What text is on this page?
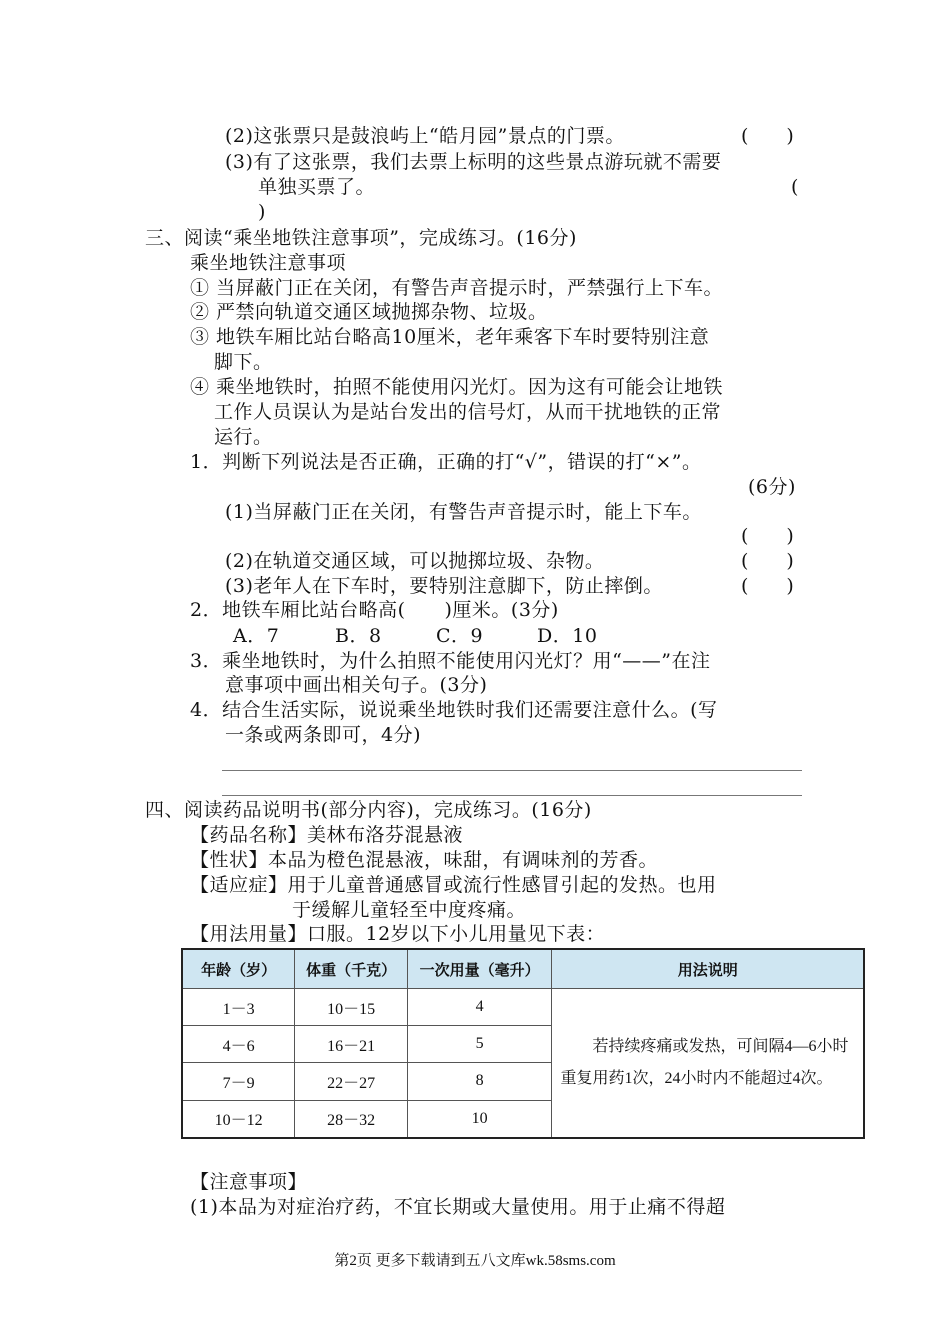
(2)这张票只是鼓浪屿上“皓月园”景点的门票。	(　　)
(3)有了这张票，我们去票上标明的这些景点游玩就不需要
单独买票了。	(
)
三、阅读“乘坐地铁注意事项”，完成练习。(16分)
乘坐地铁注意事项
① 当屏蔽门正在关闭，有警告声音提示时，严禁强行上下车。
② 严禁向轨道交通区域抛掷杂物、垃圾。
③ 地铁车厢比站台略高10厘米，老年乘客下车时要特别注意
脚下。
④ 乘坐地铁时，拍照不能使用闪光灯。因为这有可能会让地铁
工作人员误认为是站台发出的信号灯，从而干扰地铁的正常
运行。
1．判断下列说法是否正确，正确的打“√”，错误的打“×”。
(6分)
(1)当屏蔽门正在关闭，有警告声音提示时，能上下车。
(　　)
(2)在轨道交通区域，可以抛掷垃圾、杂物。	(　　)
(3)老年人在下车时，要特别注意脚下，防止摔倒。	(　　)
2．地铁车厢比站台略高(　　)厘米。(3分)
A．7	B．8	C．9	D．10
3．乘坐地铁时，为什么拍照不能使用闪光灯？用“——”在注
意事项中画出相关句子。(3分)
4．结合生活实际，说说乘坐地铁时我们还需要注意什么。(写
一条或两条即可，4分)
四、阅读药品说明书(部分内容)，完成练习。(16分)
【药品名称】美林布洛芬混悬液
【性状】本品为橙色混悬液，味甜，有调味剂的芳香。
【适应症】用于儿童普通感冒或流行性感冒引起的发热。也用
于缓解儿童轻至中度疼痛。
【用法用量】口服。12岁以下小儿用量见下表：
年龄（岁）	体重（千克）	一次用量（毫升）	用法说明
1－3	10－15	4	若持续疼痛或发热，可间隔4—6小时重复用药1次，24小时内不能超过4次。

4－6	16－21	5	
7－9	22－27	8	
10－12	28－32	10	
【注意事项】
(1)本品为对症治疗药，不宜长期或大量使用。用于止痛不得超
第2页 更多下载请到五八文库wk.58sms.com
